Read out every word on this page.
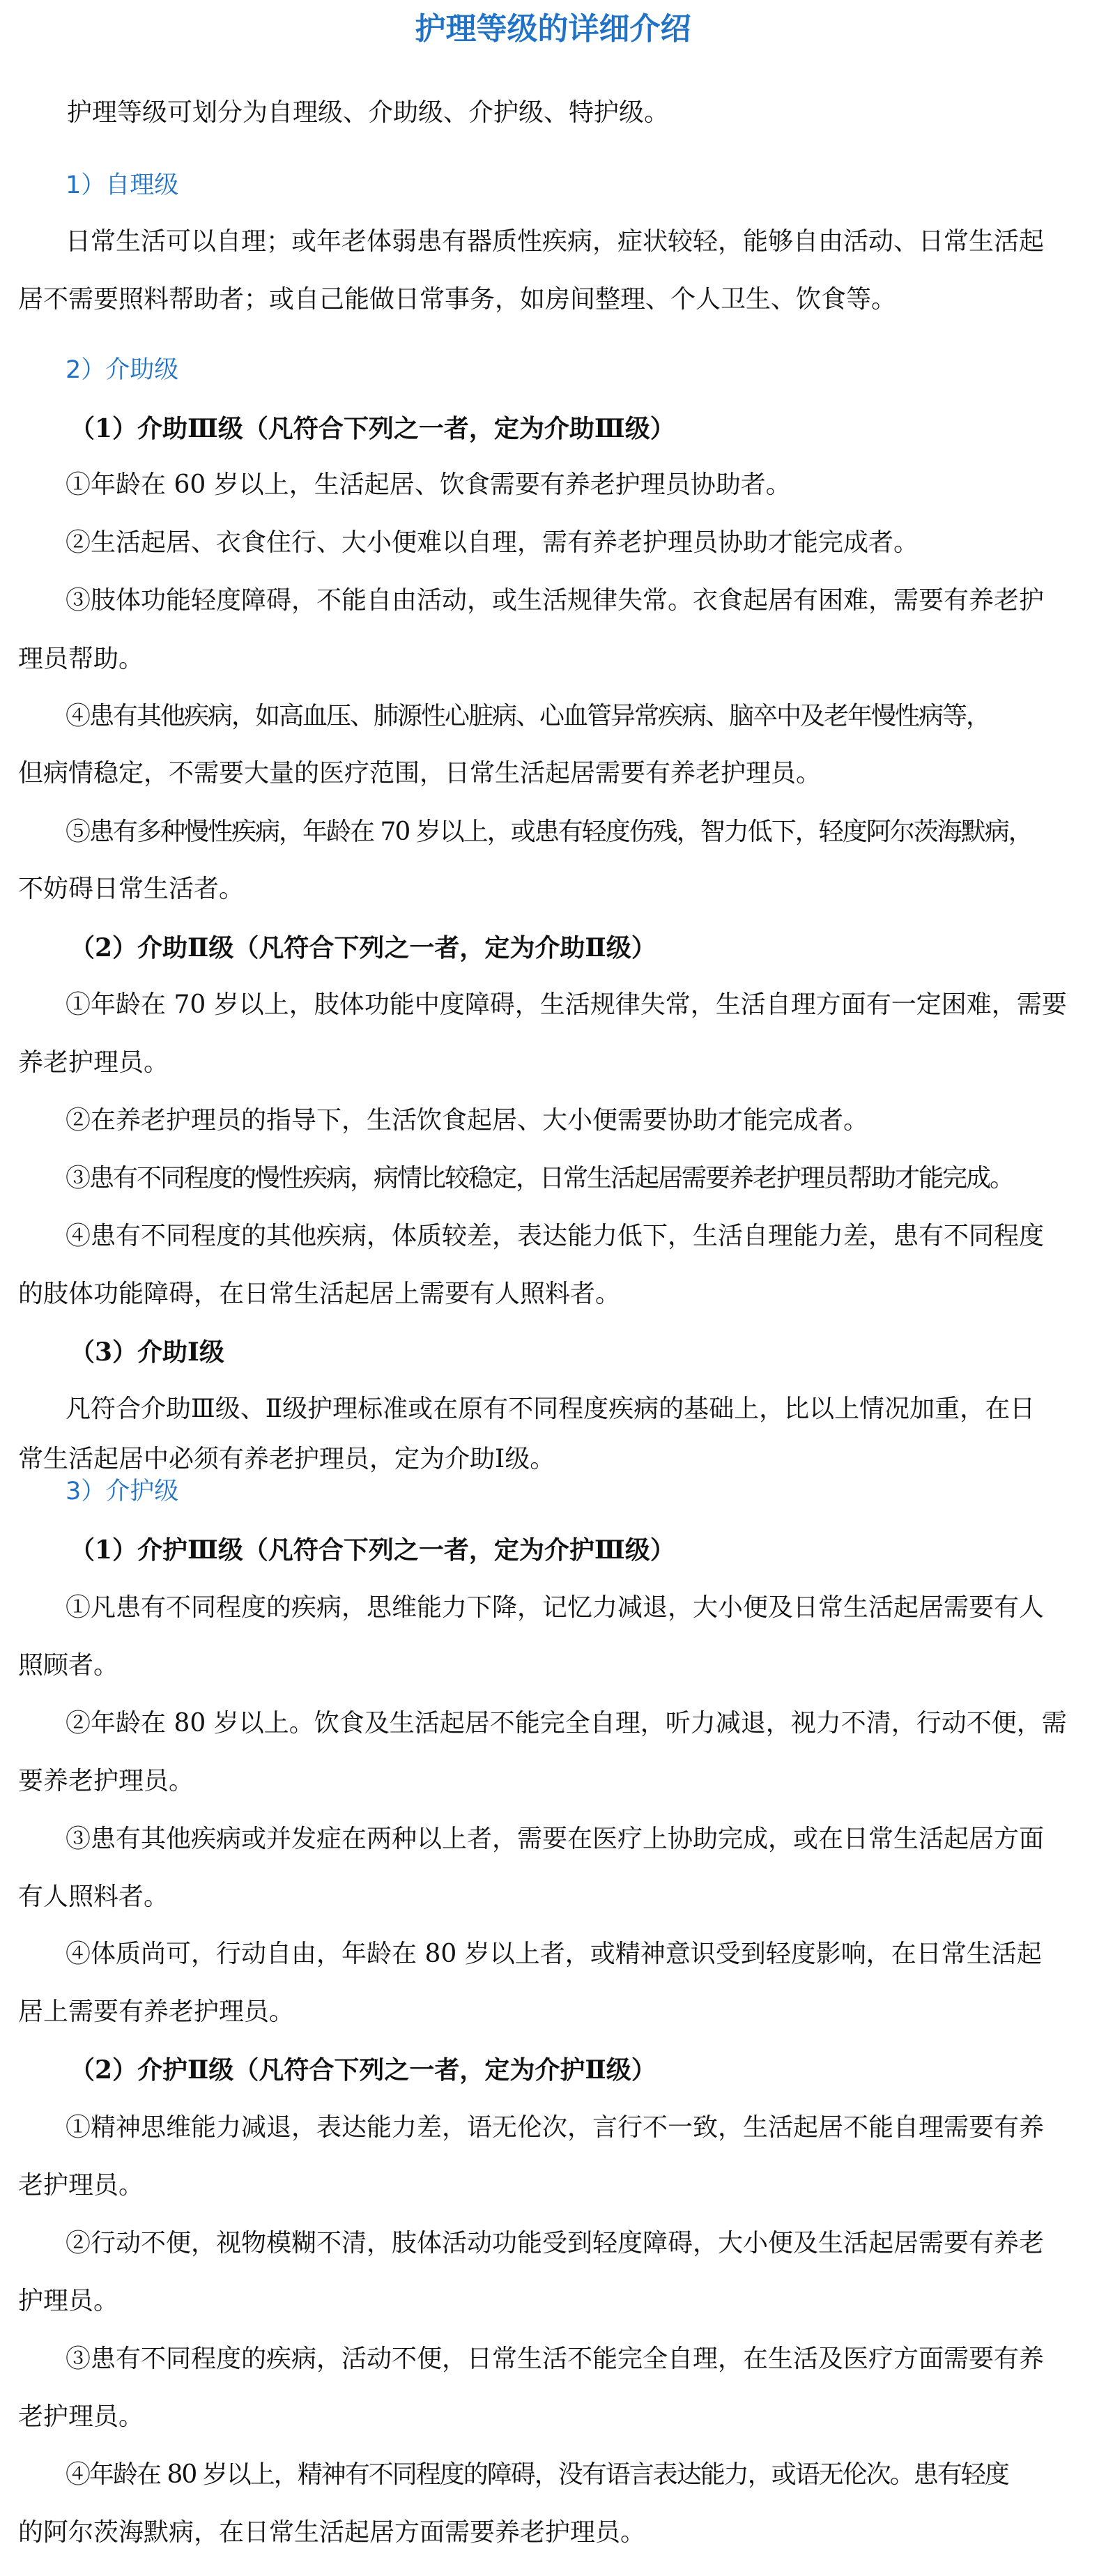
护理等级的详细介绍
护理等级可划分为自理级、介助级、介护级、特护级。
1）自理级
日常生活可以自理；或年老体弱患有器质性疾病，症状较轻，能够自由活动、日常生活起
居不需要照料帮助者；或自己能做日常事务，如房间整理、个人卫生、饮食等。
2）介助级
（1）介助Ⅲ级（凡符合下列之一者，定为介助Ⅲ级）
①年龄在 60 岁以上，生活起居、饮食需要有养老护理员协助者。
②生活起居、衣食住行、大小便难以自理，需有养老护理员协助才能完成者。
③肢体功能轻度障碍，不能自由活动，或生活规律失常。衣食起居有困难，需要有养老护
理员帮助。
④患有其他疾病，如高血压、肺源性心脏病、心血管异常疾病、脑卒中及老年慢性病等，
但病情稳定，不需要大量的医疗范围，日常生活起居需要有养老护理员。
⑤患有多种慢性疾病，年龄在 70 岁以上，或患有轻度伤残，智力低下，轻度阿尔茨海默病，
不妨碍日常生活者。
（2）介助Ⅱ级（凡符合下列之一者，定为介助Ⅱ级）
①年龄在 70 岁以上，肢体功能中度障碍，生活规律失常，生活自理方面有一定困难，需要
养老护理员。
②在养老护理员的指导下，生活饮食起居、大小便需要协助才能完成者。
③患有不同程度的慢性疾病，病情比较稳定，日常生活起居需要养老护理员帮助才能完成。
④患有不同程度的其他疾病，体质较差，表达能力低下，生活自理能力差，患有不同程度
的肢体功能障碍，在日常生活起居上需要有人照料者。
（3）介助Ⅰ级
凡符合介助Ⅲ级、Ⅱ级护理标准或在原有不同程度疾病的基础上，比以上情况加重，在日
常生活起居中必须有养老护理员，定为介助Ⅰ级。
3）介护级
（1）介护Ⅲ级（凡符合下列之一者，定为介护Ⅲ级）
①凡患有不同程度的疾病，思维能力下降，记忆力减退，大小便及日常生活起居需要有人
照顾者。
②年龄在 80 岁以上。饮食及生活起居不能完全自理，听力减退，视力不清，行动不便，需
要养老护理员。
③患有其他疾病或并发症在两种以上者，需要在医疗上协助完成，或在日常生活起居方面
有人照料者。
④体质尚可，行动自由，年龄在 80 岁以上者，或精神意识受到轻度影响，在日常生活起
居上需要有养老护理员。
（2）介护Ⅱ级（凡符合下列之一者，定为介护Ⅱ级）
①精神思维能力减退，表达能力差，语无伦次，言行不一致，生活起居不能自理需要有养
老护理员。
②行动不便，视物模糊不清，肢体活动功能受到轻度障碍，大小便及生活起居需要有养老
护理员。
③患有不同程度的疾病，活动不便，日常生活不能完全自理，在生活及医疗方面需要有养
老护理员。
④年龄在 80 岁以上，精神有不同程度的障碍，没有语言表达能力，或语无伦次。患有轻度
的阿尔茨海默病，在日常生活起居方面需要养老护理员。
